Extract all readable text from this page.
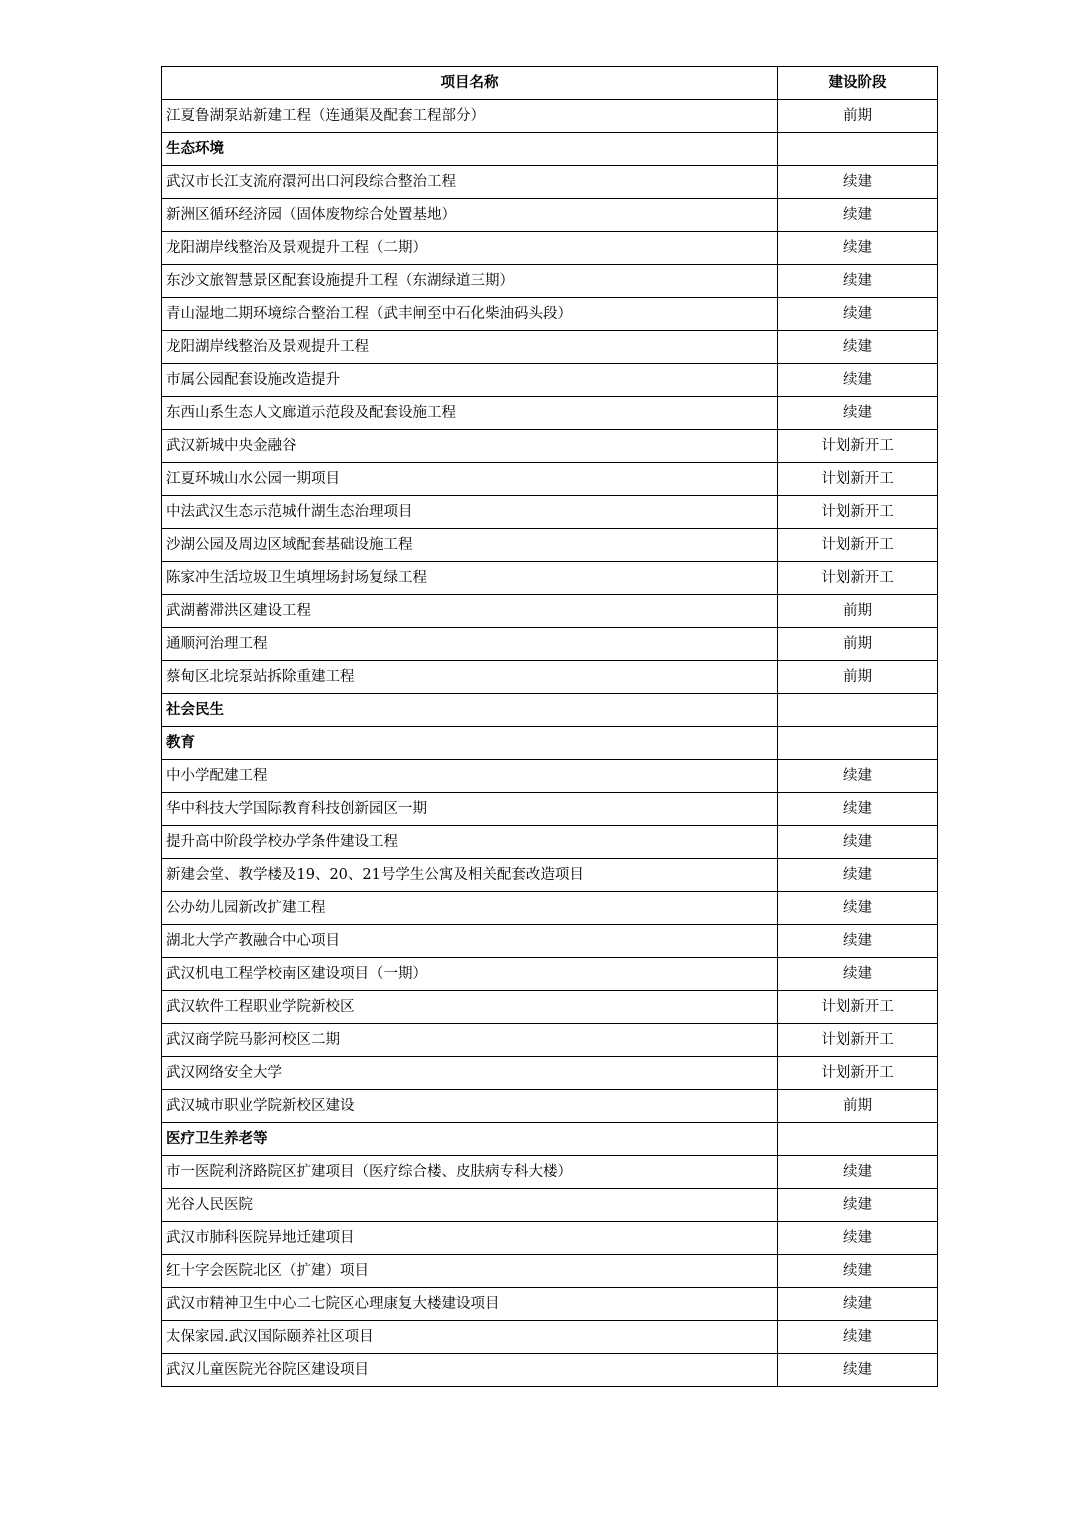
项目名称	建设阶段
江夏鲁湖泵站新建工程（连通渠及配套工程部分）	前期
生态环境	
武汉市长江支流府澴河出口河段综合整治工程	续建
新洲区循环经济园（固体废物综合处置基地）	续建
龙阳湖岸线整治及景观提升工程（二期）	续建
东沙文旅智慧景区配套设施提升工程（东湖绿道三期）	续建
青山湿地二期环境综合整治工程（武丰闸至中石化柴油码头段）	续建
龙阳湖岸线整治及景观提升工程	续建
市属公园配套设施改造提升	续建
东西山系生态人文廊道示范段及配套设施工程	续建
武汉新城中央金融谷	计划新开工
江夏环城山水公园一期项目	计划新开工
中法武汉生态示范城什湖生态治理项目	计划新开工
沙湖公园及周边区域配套基础设施工程	计划新开工
陈家冲生活垃圾卫生填埋场封场复绿工程	计划新开工
武湖蓄滞洪区建设工程	前期
通顺河治理工程	前期
蔡甸区北垸泵站拆除重建工程	前期
社会民生	
教育	
中小学配建工程	续建
华中科技大学国际教育科技创新园区一期	续建
提升高中阶段学校办学条件建设工程	续建
新建会堂、教学楼及19、20、21号学生公寓及相关配套改造项目	续建
公办幼儿园新改扩建工程	续建
湖北大学产教融合中心项目	续建
武汉机电工程学校南区建设项目（一期）	续建
武汉软件工程职业学院新校区	计划新开工
武汉商学院马影河校区二期	计划新开工
武汉网络安全大学	计划新开工
武汉城市职业学院新校区建设	前期
医疗卫生养老等	
市一医院利济路院区扩建项目（医疗综合楼、皮肤病专科大楼）	续建
光谷人民医院	续建
武汉市肺科医院异地迁建项目	续建
红十字会医院北区（扩建）项目	续建
武汉市精神卫生中心二七院区心理康复大楼建设项目	续建
太保家园.武汉国际颐养社区项目	续建
武汉儿童医院光谷院区建设项目	续建
